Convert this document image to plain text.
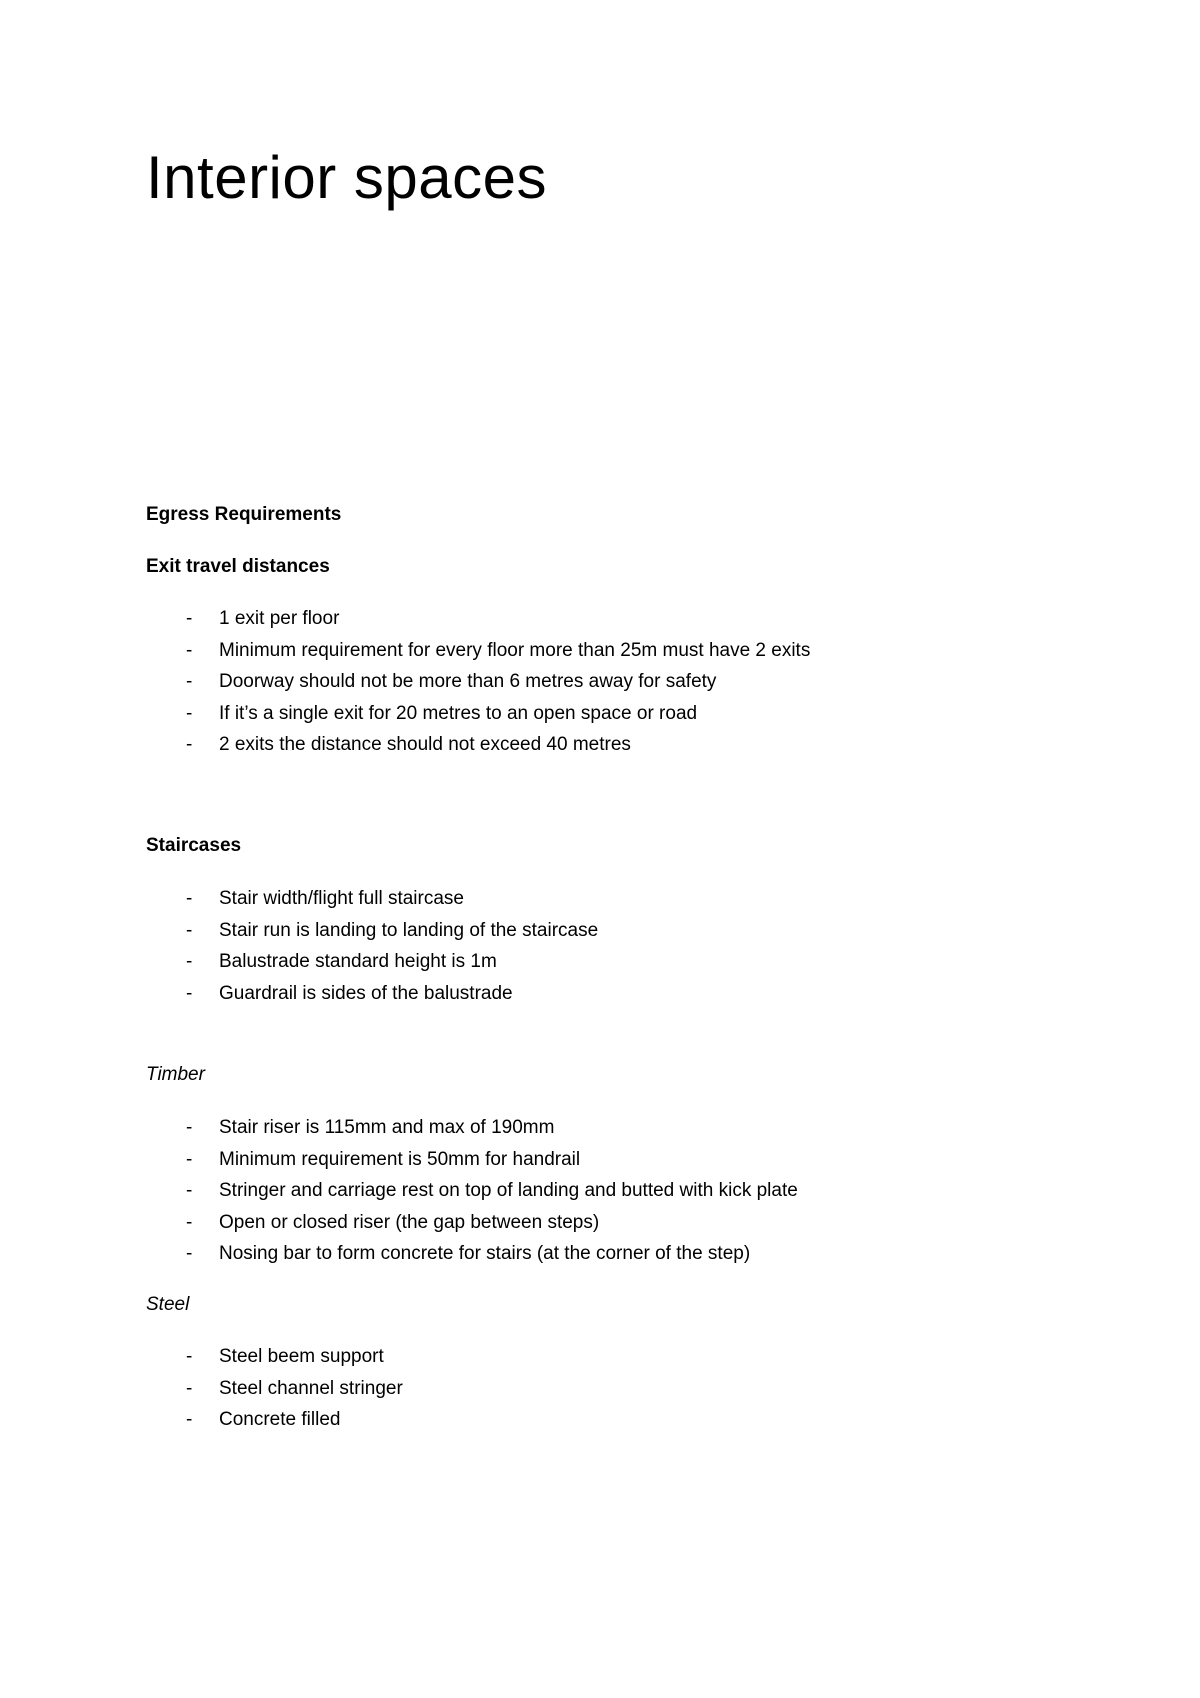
Interior spaces
Egress Requirements
Exit travel distances
- 1 exit per floor
- Minimum requirement for every floor more than 25m must have 2 exits
- Doorway should not be more than 6 metres away for safety
- If it’s a single exit for 20 metres to an open space or road
- 2 exits the distance should not exceed 40 metres
Staircases
- Stair width/flight full staircase
- Stair run is landing to landing of the staircase
- Balustrade standard height is 1m
- Guardrail is sides of the balustrade
Timber
- Stair riser is 115mm and max of 190mm
- Minimum requirement is 50mm for handrail
- Stringer and carriage rest on top of landing and butted with kick plate
- Open or closed riser (the gap between steps)
- Nosing bar to form concrete for stairs (at the corner of the step)
Steel
- Steel beem support
- Steel channel stringer
- Concrete filled
